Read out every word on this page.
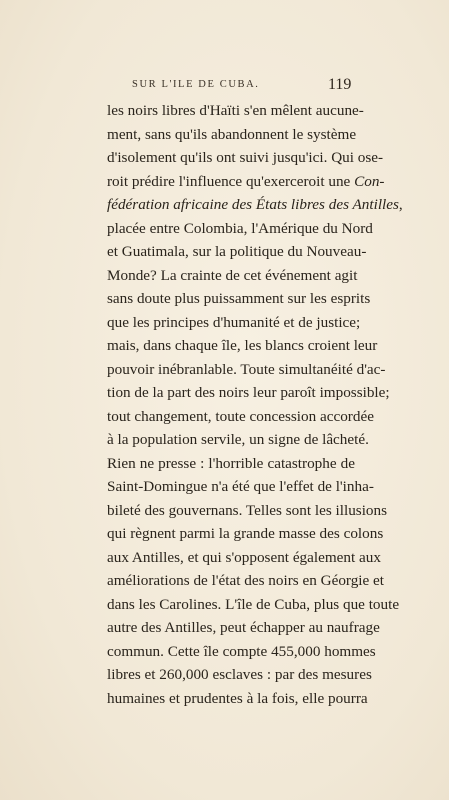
SUR L'ILE DE CUBA.	119
les noirs libres d'Haïti s'en mêlent aucune-
ment, sans qu'ils abandonnent le système
d'isolement qu'ils ont suivi jusqu'ici. Qui ose-
roit prédire l'influence qu'exerceroit une Con-
fédération africaine des États libres des Antilles,
placée entre Colombia, l'Amérique du Nord
et Guatimala, sur la politique du Nouveau-
Monde? La crainte de cet événement agit
sans doute plus puissamment sur les esprits
que les principes d'humanité et de justice;
mais, dans chaque île, les blancs croient leur
pouvoir inébranlable. Toute simultanéité d'ac-
tion de la part des noirs leur paroît impossible;
tout changement, toute concession accordée
à la population servile, un signe de lâcheté.
Rien ne presse : l'horrible catastrophe de
Saint-Domingue n'a été que l'effet de l'inha-
bileté des gouvernans. Telles sont les illusions
qui règnent parmi la grande masse des colons
aux Antilles, et qui s'opposent également aux
améliorations de l'état des noirs en Géorgie et
dans les Carolines. L'île de Cuba, plus que toute
autre des Antilles, peut échapper au naufrage
commun. Cette île compte 455,000 hommes
libres et 260,000 esclaves : par des mesures
humaines et prudentes à la fois, elle pourra
